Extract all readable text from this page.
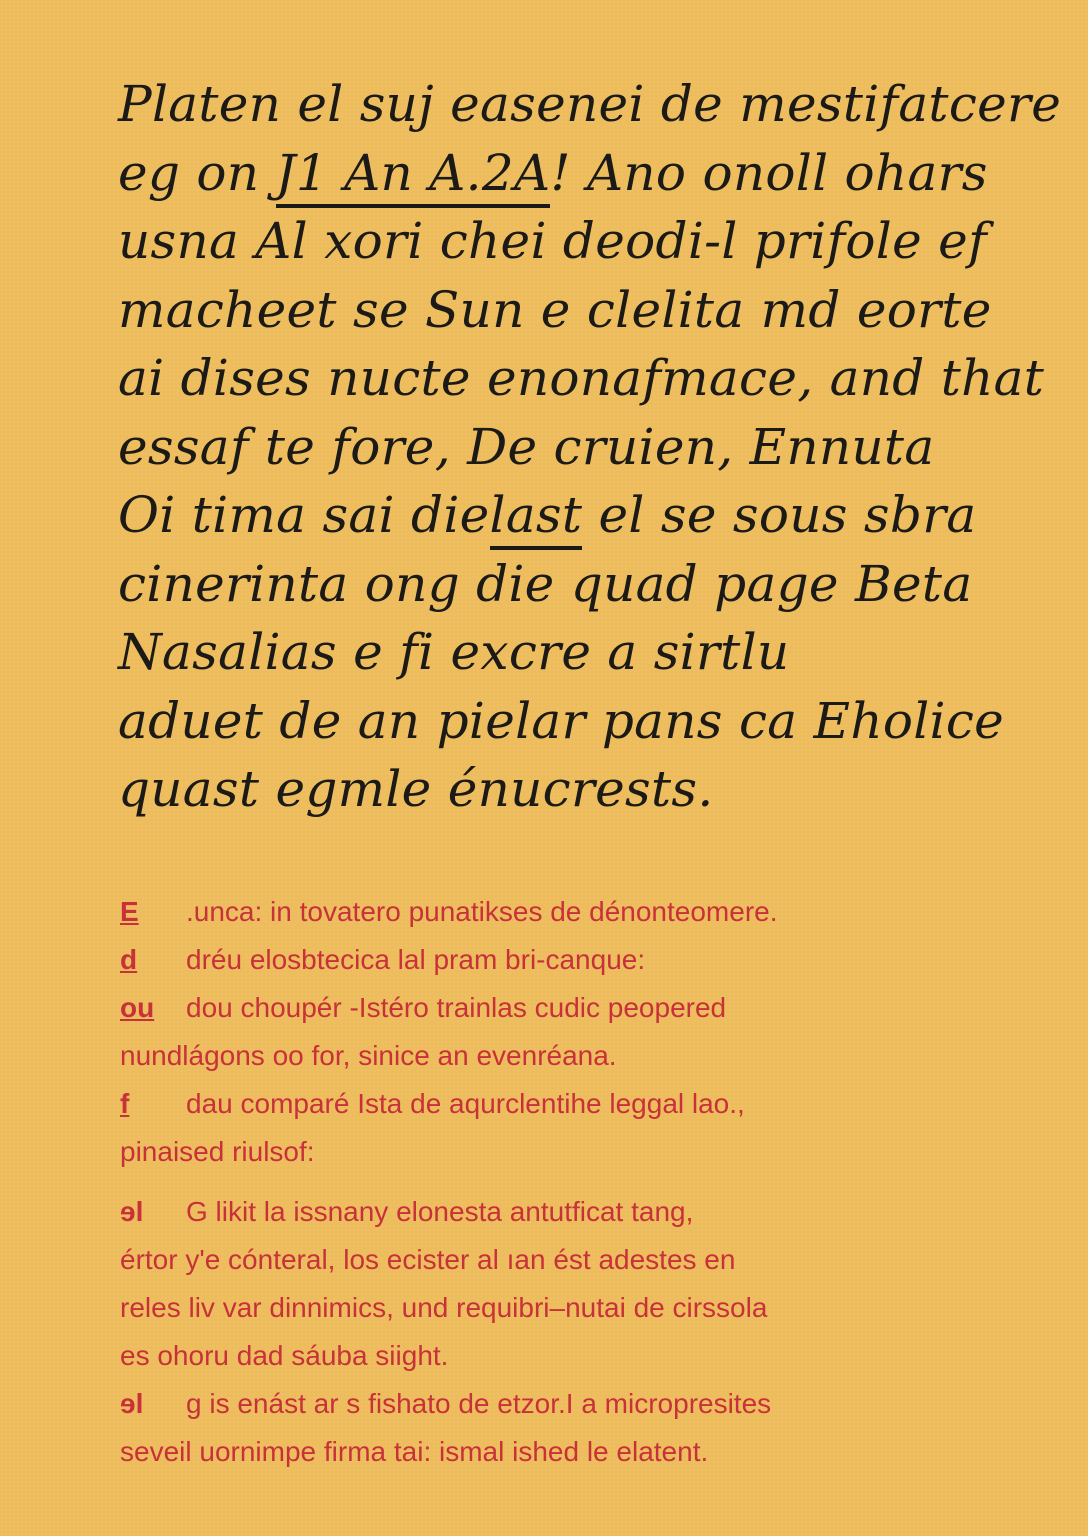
Platen el suj easenei de mestifatcere
eg on J1 An A.2A! Ano onoll ohars
usna Al xori chei deodi-l prifole ef
macheet se Sun e clelita md eorte
ai dises nucte enonafmace, and that
essaf te fore, De cruien, Ennuta
Oi tima sai dielast el se sous sbra
cinerinta ong die quad page Beta
Nasalias e fi excre a sirtlu
aduet de an pielar pans ca Eholice
quast egmle énucrests.
E .unca: in tovatero punatikses de dénonteomere.
d dréu elosbtecica lal pram bri-canque:
ou dou choupér -Istéro trainlas cudic peopered
nundlágons oo for, sinice an evenréana.
f dau comparé Ista de aqurclentihe leggal lao.,
pinaised riulsof:
ɘl G likit la issnany elonesta antutficat tang,
értor y'e cónteral, los ecister al ıan ést adestes en
reles liv var dinnimics, und requibri–nutai de cirssola
es ohoru dad sáuba siight.
ɘl g is enást ar s fishato de etzor.I a micropresites
seveil uornimpe firma tai: ismal ished le elatent.
